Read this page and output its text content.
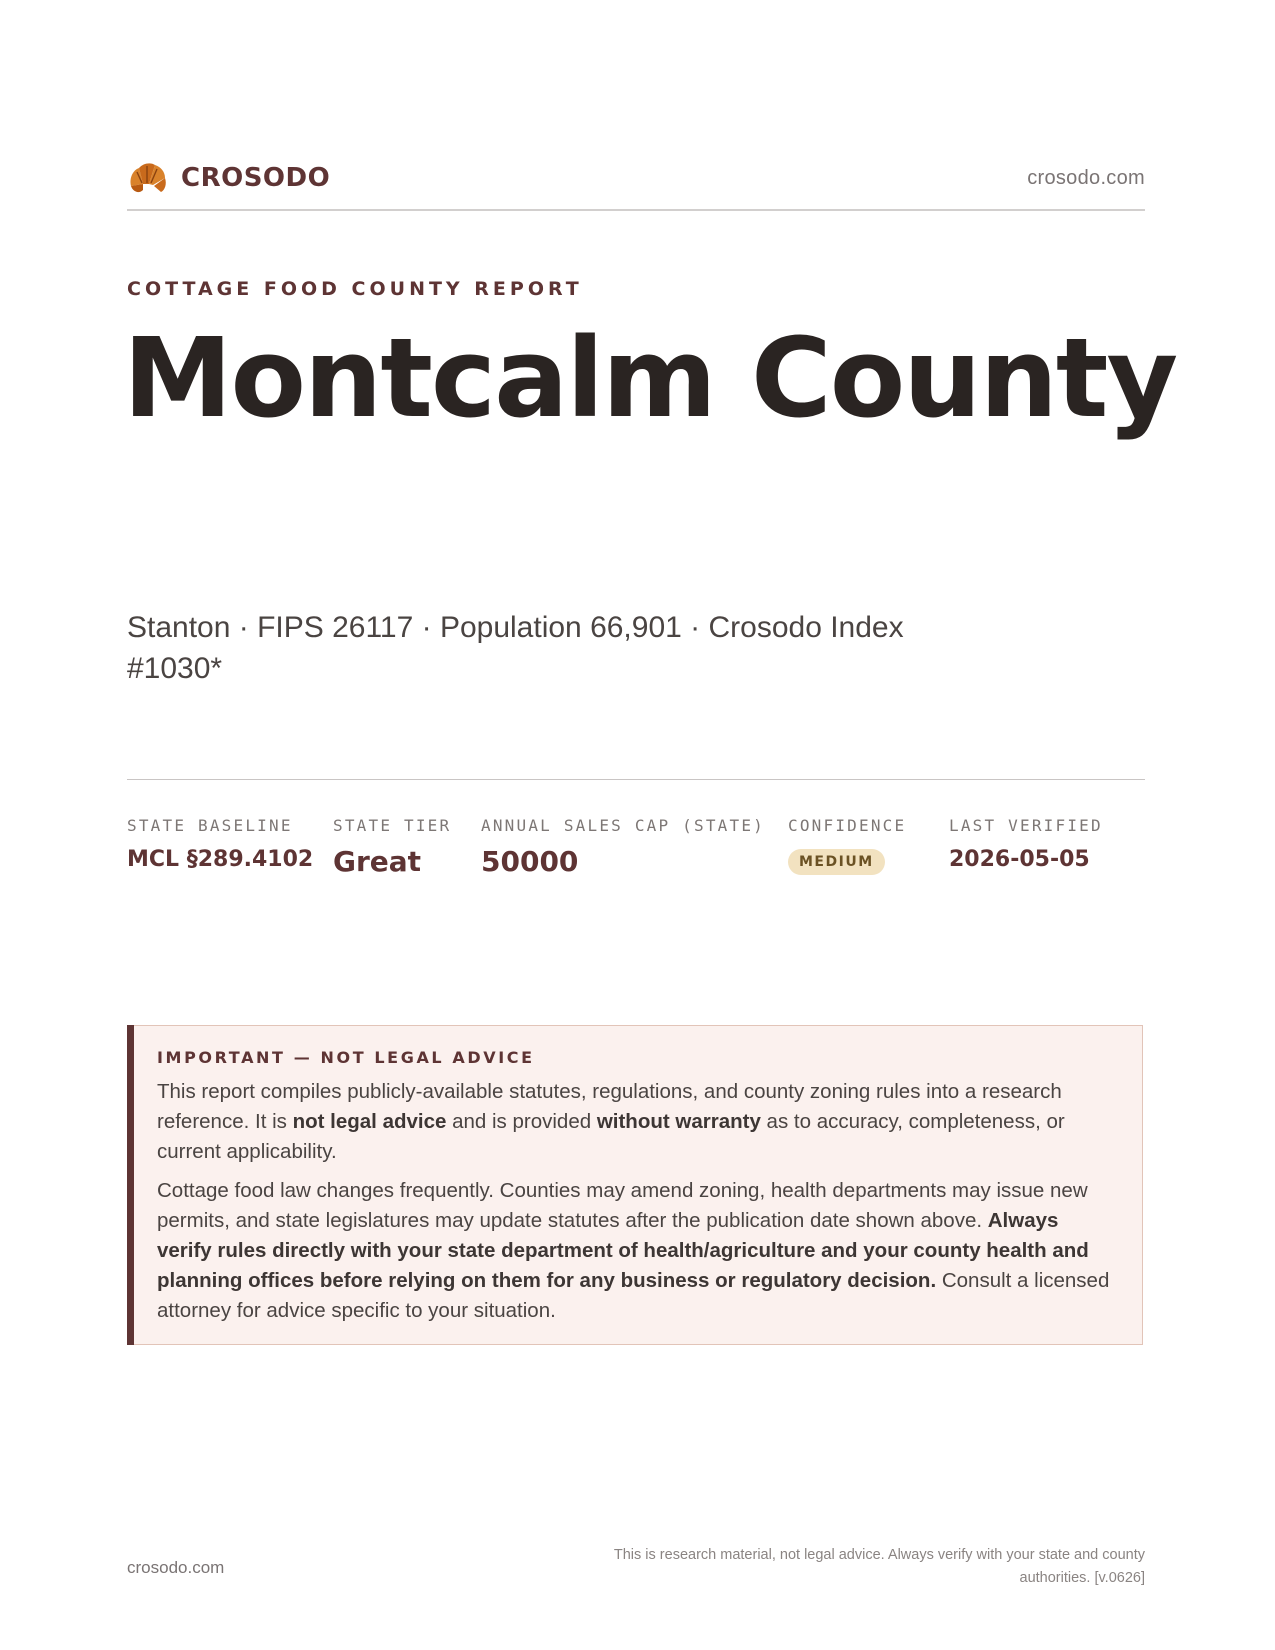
CROSODO	crosodo.com
COTTAGE FOOD COUNTY REPORT
Montcalm County
Stanton · FIPS 26117 · Population 66,901 · Crosodo Index #1030*
STATE BASELINE
MCL §289.4102
STATE TIER
Great
ANNUAL SALES CAP (STATE)
50000
CONFIDENCE
MEDIUM
LAST VERIFIED
2026-05-05
IMPORTANT — NOT LEGAL ADVICE

This report compiles publicly-available statutes, regulations, and county zoning rules into a research reference. It is not legal advice and is provided without warranty as to accuracy, completeness, or current applicability.

Cottage food law changes frequently. Counties may amend zoning, health departments may issue new permits, and state legislatures may update statutes after the publication date shown above. Always verify rules directly with your state department of health/agriculture and your county health and planning offices before relying on them for any business or regulatory decision. Consult a licensed attorney for advice specific to your situation.

crosodo.com
This is research material, not legal advice. Always verify with your state and county authorities. [v.0626]
